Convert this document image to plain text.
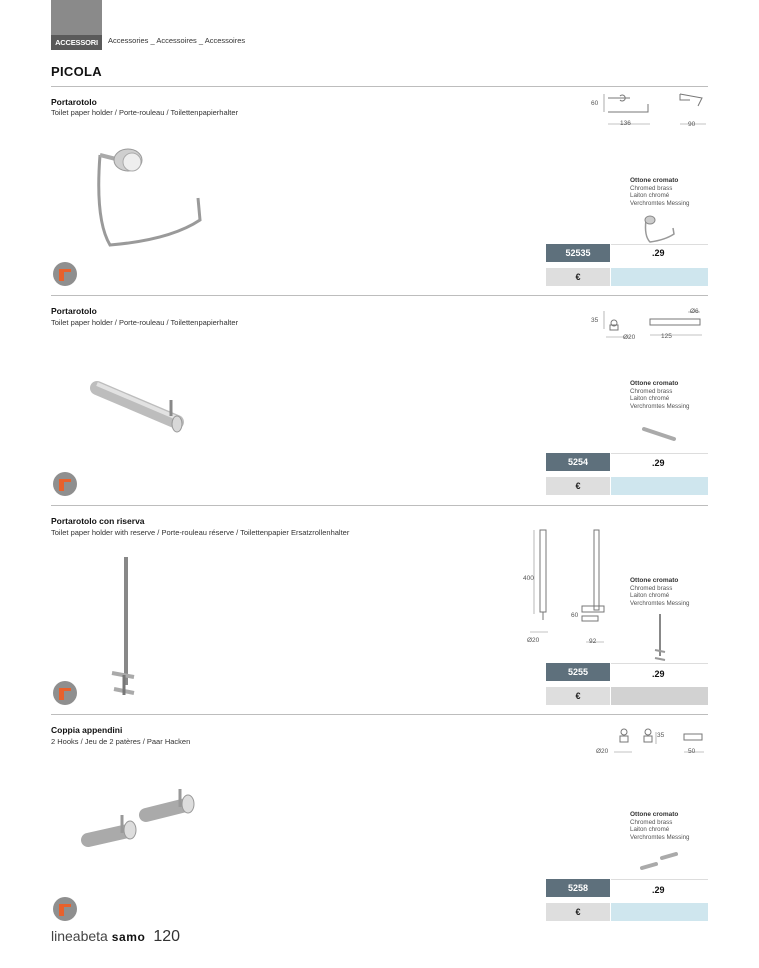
ACCESSORI	Accessories _ Accessoires _ Accessoires
PICOLA
Portarotolo
Toilet paper holder / Porte-rouleau / Toilettenpapierhalter
60
136	90
Ottone cromato
Chromed brass
Laiton chromé
Verchromtes Messing
52535	.29
€
Portarotolo
Toilet paper holder / Porte-rouleau / Toilettenpapierhalter	35
Ø20	125
Ø6
Ottone cromato
Chromed brass
Laiton chromé
Verchromtes Messing
5254	.29
€
Portarotolo con riserva
Toilet paper holder with reserve / Porte-rouleau réserve / Toilettenpapier Ersatzrollenhalter
400
Ø20
60
92
Ottone cromato
Chromed brass
Laiton chromé
Verchromtes Messing
5255	.29
€
Coppia appendini
2 Hooks / Jeu de 2 patères / Paar Hacken
35
Ø20	50
Ottone cromato
Chromed brass
Laiton chromé
Verchromtes Messing
5258	.29
€
lineabeta samo 120
